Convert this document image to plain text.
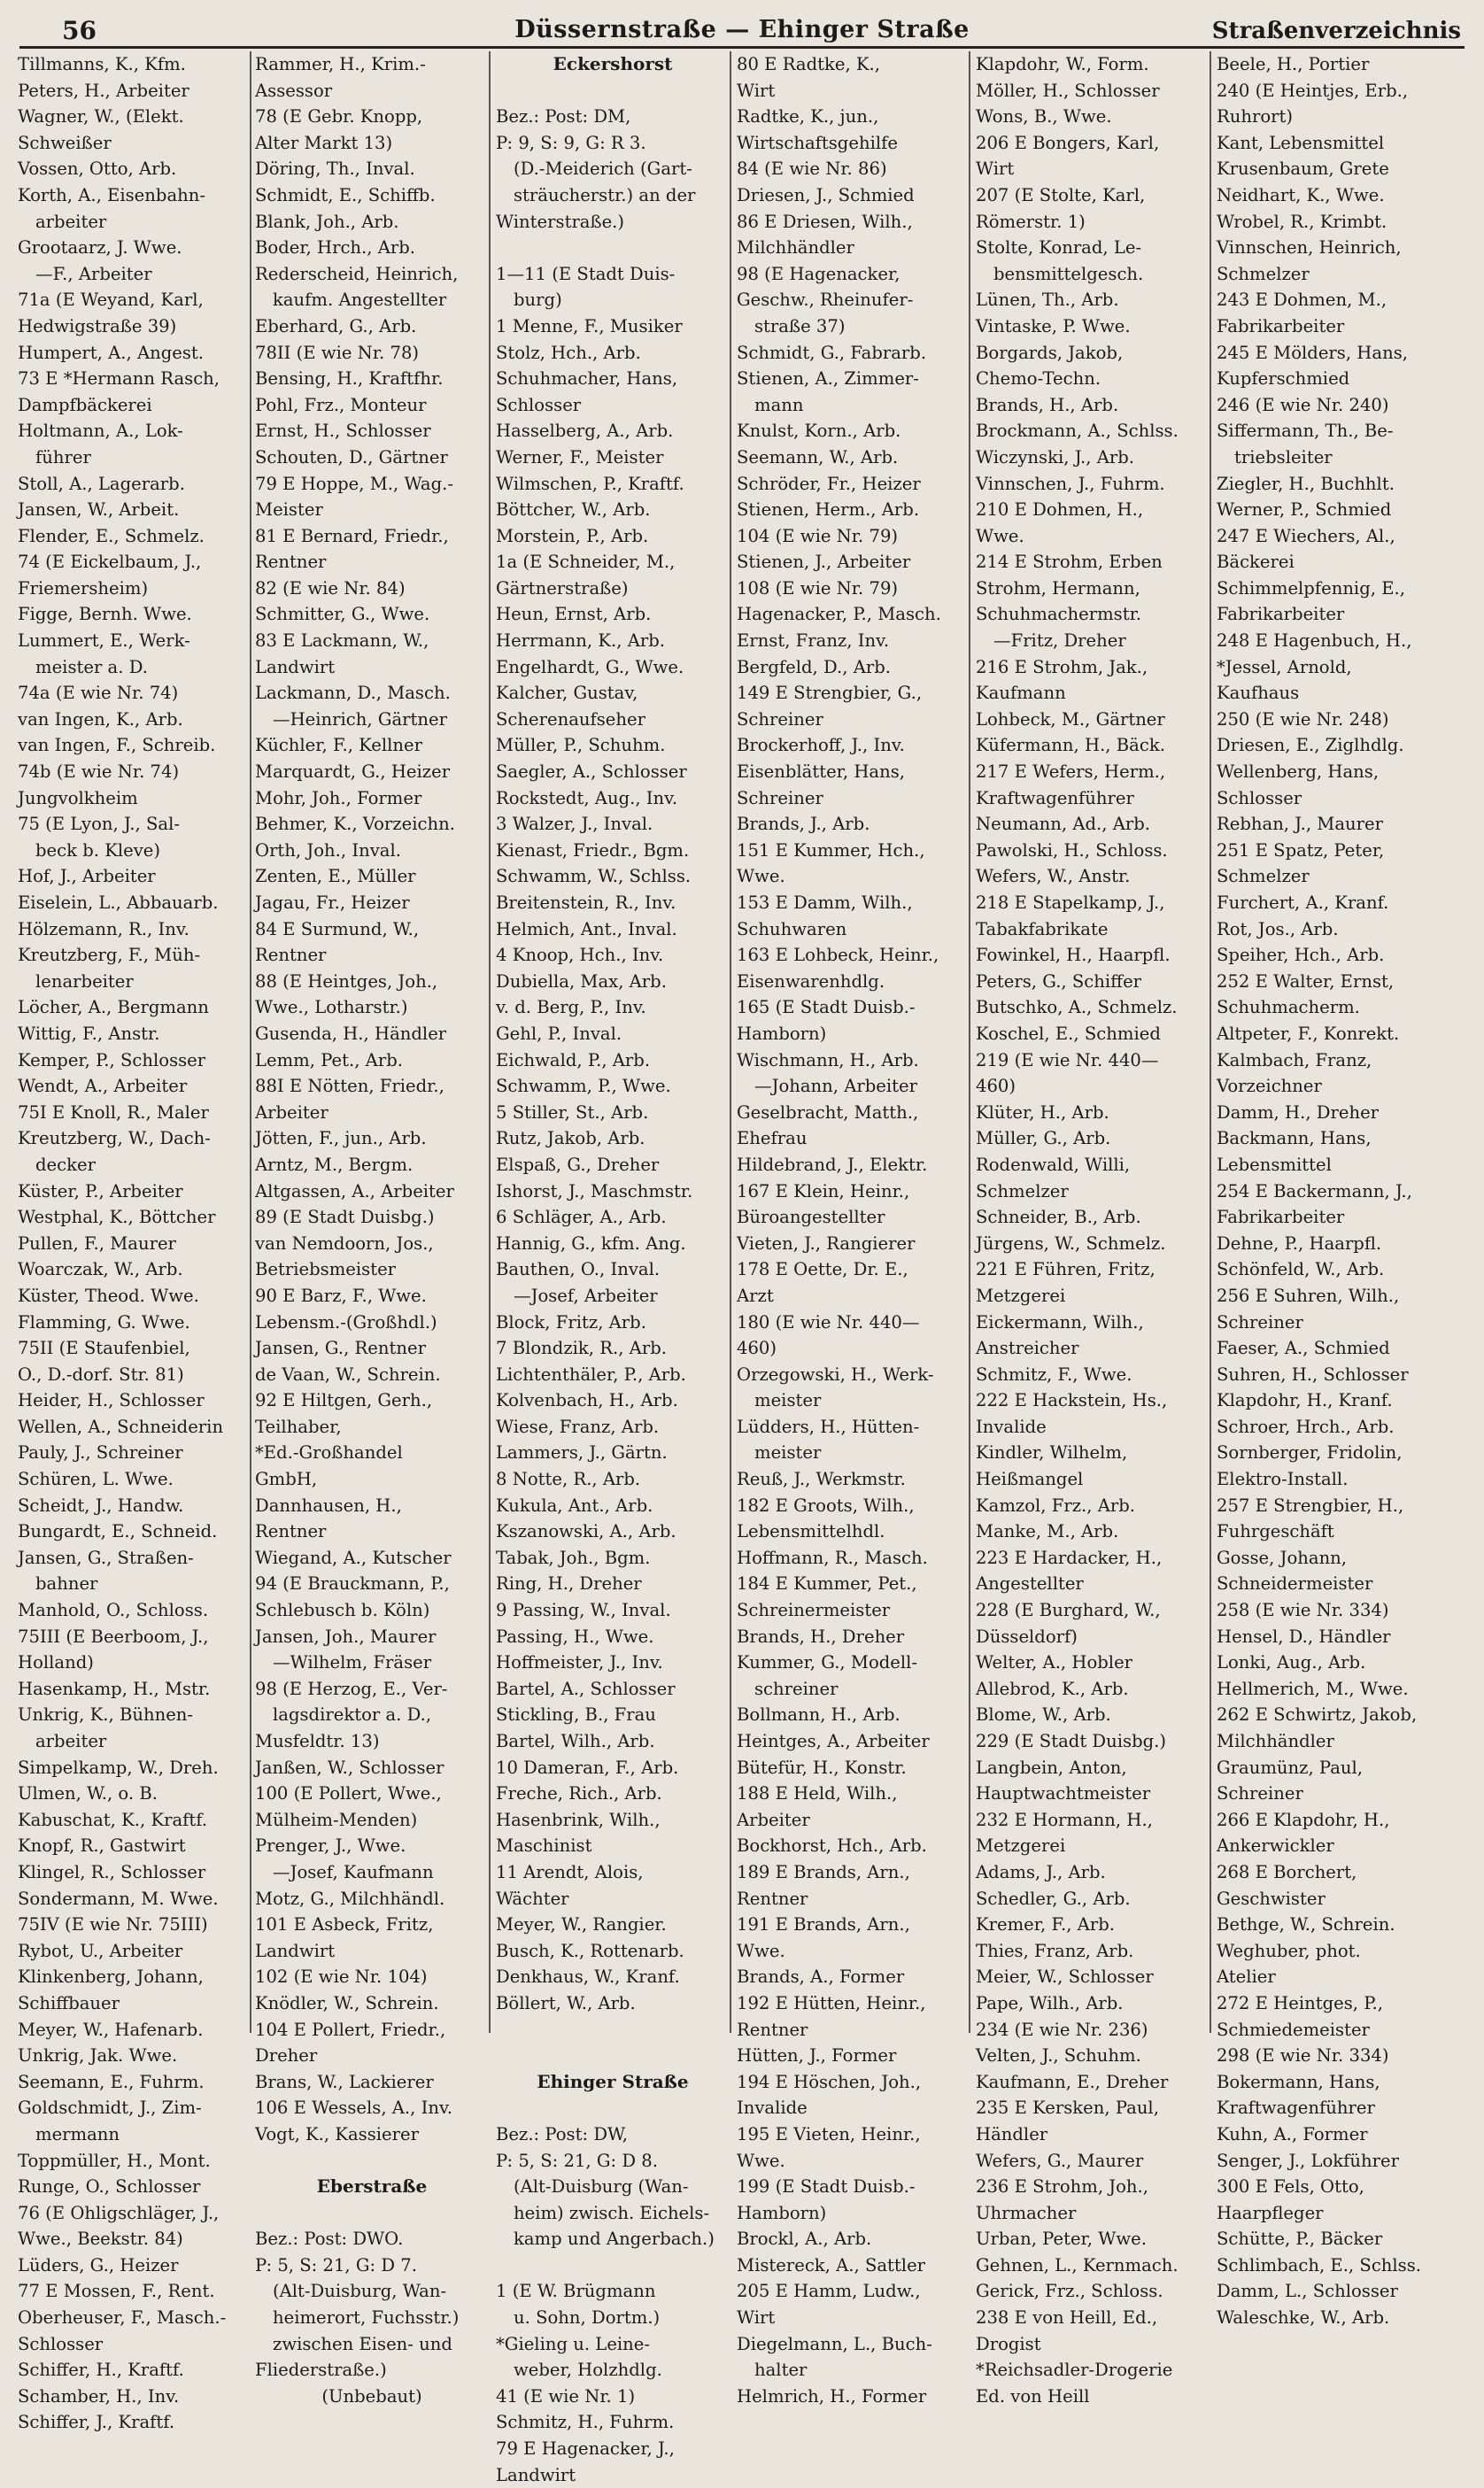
56	Düssernstraße — Ehinger Straße	Straßenverzeichnis
Tillmanns, K., Kfm.
Peters, H., Arbeiter
Wagner, W., (Elekt.
Schweißer
Vossen, Otto, Arb.
Korth, A., Eisenbahn-
arbeiter
Grootaarz, J. Wwe.
—F., Arbeiter
71a (E Weyand, Karl,
Hedwigstraße 39)
Humpert, A., Angest.
73 E *Hermann Rasch,
Dampfbäckerei
Holtmann, A., Lok-
führer
Stoll, A., Lagerarb.
Jansen, W., Arbeit.
Flender, E., Schmelz.
74 (E Eickelbaum, J.,
Friemersheim)
Figge, Bernh. Wwe.
Lummert, E., Werk-
meister a. D.
74a (E wie Nr. 74)
van Ingen, K., Arb.
van Ingen, F., Schreib.
74b (E wie Nr. 74)
Jungvolkheim
75 (E Lyon, J., Sal-
beck b. Kleve)
Hof, J., Arbeiter
Eiselein, L., Abbauarb.
Hölzemann, R., Inv.
Kreutzberg, F., Müh-
lenarbeiter
Löcher, A., Bergmann
Wittig, F., Anstr.
Kemper, P., Schlosser
Wendt, A., Arbeiter
75I E Knoll, R., Maler
Kreutzberg, W., Dach-
decker
Küster, P., Arbeiter
Westphal, K., Böttcher
Pullen, F., Maurer
Woarczak, W., Arb.
Küster, Theod. Wwe.
Flamming, G. Wwe.
75II (E Staufenbiel,
O., D.-dorf. Str. 81)
Heider, H., Schlosser
Wellen, A., Schneiderin
Pauly, J., Schreiner
Schüren, L. Wwe.
Scheidt, J., Handw.
Bungardt, E., Schneid.
Jansen, G., Straßen-
bahner
Manhold, O., Schloss.
75III (E Beerboom, J.,
Holland)
Hasenkamp, H., Mstr.
Unkrig, K., Bühnen-
arbeiter
Simpelkamp, W., Dreh.
Ulmen, W., o. B.
Kabuschat, K., Kraftf.
Knopf, R., Gastwirt
Klingel, R., Schlosser
Sondermann, M. Wwe.
75IV (E wie Nr. 75III)
Rybot, U., Arbeiter
Klinkenberg, Johann,
Schiffbauer
Meyer, W., Hafenarb.
Unkrig, Jak. Wwe.
Seemann, E., Fuhrm.
Goldschmidt, J., Zim-
mermann
Toppmüller, H., Mont.
Runge, O., Schlosser
76 (E Ohligschläger, J.,
Wwe., Beekstr. 84)
Lüders, G., Heizer
77 E Mossen, F., Rent.
Oberheuser, F., Masch.-
Schlosser
Schiffer, H., Kraftf.
Schamber, H., Inv.
Schiffer, J., Kraftf.
Rammer, H., Krim.-
Assessor
78 (E Gebr. Knopp,
Alter Markt 13)
Döring, Th., Inval.
Schmidt, E., Schiffb.
Blank, Joh., Arb.
Boder, Hrch., Arb.
Rederscheid, Heinrich,
kaufm. Angestellter
Eberhard, G., Arb.
78II (E wie Nr. 78)
Bensing, H., Kraftfhr.
Pohl, Frz., Monteur
Ernst, H., Schlosser
Schouten, D., Gärtner
79 E Hoppe, M., Wag.-
Meister
81 E Bernard, Friedr.,
Rentner
82 (E wie Nr. 84)
Schmitter, G., Wwe.
83 E Lackmann, W.,
Landwirt
Lackmann, D., Masch.
—Heinrich, Gärtner
Küchler, F., Kellner
Marquardt, G., Heizer
Mohr, Joh., Former
Behmer, K., Vorzeichn.
Orth, Joh., Inval.
Zenten, E., Müller
Jagau, Fr., Heizer
84 E Surmund, W.,
Rentner
88 (E Heintges, Joh.,
Wwe., Lotharstr.)
Gusenda, H., Händler
Lemm, Pet., Arb.
88I E Nötten, Friedr.,
Arbeiter
Jötten, F., jun., Arb.
Arntz, M., Bergm.
Altgassen, A., Arbeiter
89 (E Stadt Duisbg.)
van Nemdoorn, Jos.,
Betriebsmeister
90 E Barz, F., Wwe.
Lebensm.-(Großhdl.)
Jansen, G., Rentner
de Vaan, W., Schrein.
92 E Hiltgen, Gerh.,
Teilhaber,
*Ed.-Großhandel
GmbH,
Dannhausen, H.,
Rentner
Wiegand, A., Kutscher
94 (E Brauckmann, P.,
Schlebusch b. Köln)
Jansen, Joh., Maurer
—Wilhelm, Fräser
98 (E Herzog, E., Ver-
lagsdirektor a. D.,
Musfeldtr. 13)
Janßen, W., Schlosser
100 (E Pollert, Wwe.,
Mülheim-Menden)
Prenger, J., Wwe.
—Josef, Kaufmann
Motz, G., Milchhändl.
101 E Asbeck, Fritz,
Landwirt
102 (E wie Nr. 104)
Knödler, W., Schrein.
104 E Pollert, Friedr.,
Dreher
Brans, W., Lackierer
106 E Wessels, A., Inv.
Vogt, K., Kassierer

Eberstraße

Bez.: Post: DWO.
P: 5, S: 21, G: D 7.
(Alt-Duisburg, Wan-
heimerort, Fuchsstr.)
zwischen Eisen- und
Fliederstraße.)
(Unbebaut)
Eckershorst

Bez.: Post: DM,
P: 9, S: 9, G: R 3.
(D.-Meiderich (Gart-
sträucherstr.) an der
Winterstraße.)

1—11 (E Stadt Duis-
burg)
1 Menne, F., Musiker
Stolz, Hch., Arb.
Schuhmacher, Hans,
Schlosser
Hasselberg, A., Arb.
Werner, F., Meister
Wilmschen, P., Kraftf.
Böttcher, W., Arb.
Morstein, P., Arb.
1a (E Schneider, M.,
Gärtnerstraße)
Heun, Ernst, Arb.
Herrmann, K., Arb.
Engelhardt, G., Wwe.
Kalcher, Gustav,
Scherenaufseher
Müller, P., Schuhm.
Saegler, A., Schlosser
Rockstedt, Aug., Inv.
3 Walzer, J., Inval.
Kienast, Friedr., Bgm.
Schwamm, W., Schlss.
Breitenstein, R., Inv.
Helmich, Ant., Inval.
4 Knoop, Hch., Inv.
Dubiella, Max, Arb.
v. d. Berg, P., Inv.
Gehl, P., Inval.
Eichwald, P., Arb.
Schwamm, P., Wwe.
5 Stiller, St., Arb.
Rutz, Jakob, Arb.
Elspaß, G., Dreher
Ishorst, J., Maschmstr.
6 Schläger, A., Arb.
Hannig, G., kfm. Ang.
Bauthen, O., Inval.
—Josef, Arbeiter
Block, Fritz, Arb.
7 Blondzik, R., Arb.
Lichtenthäler, P., Arb.
Kolvenbach, H., Arb.
Wiese, Franz, Arb.
Lammers, J., Gärtn.
8 Notte, R., Arb.
Kukula, Ant., Arb.
Kszanowski, A., Arb.
Tabak, Joh., Bgm.
Ring, H., Dreher
9 Passing, W., Inval.
Passing, H., Wwe.
Hoffmeister, J., Inv.
Bartel, A., Schlosser
Stickling, B., Frau
Bartel, Wilh., Arb.
10 Dameran, F., Arb.
Freche, Rich., Arb.
Hasenbrink, Wilh.,
Maschinist
11 Arendt, Alois,
Wächter
Meyer, W., Rangier.
Busch, K., Rottenarb.
Denkhaus, W., Kranf.
Böllert, W., Arb.

Ehinger Straße

Bez.: Post: DW,
P: 5, S: 21, G: D 8.
(Alt-Duisburg (Wan-
heim) zwisch. Eichels-
kamp und Angerbach.)

1 (E W. Brügmann
u. Sohn, Dortm.)
*Gieling u. Leine-
weber, Holzhdlg.
41 (E wie Nr. 1)
Schmitz, H., Fuhrm.
79 E Hagenacker, J.,
Landwirt
80 E Radtke, K.,
Wirt
Radtke, K., jun.,
Wirtschaftsgehilfe
84 (E wie Nr. 86)
Driesen, J., Schmied
86 E Driesen, Wilh.,
Milchhändler
98 (E Hagenacker,
Geschw., Rheinufer-
straße 37)
Schmidt, G., Fabrarb.
Stienen, A., Zimmer-
mann
Knulst, Korn., Arb.
Seemann, W., Arb.
Schröder, Fr., Heizer
Stienen, Herm., Arb.
104 (E wie Nr. 79)
Stienen, J., Arbeiter
108 (E wie Nr. 79)
Hagenacker, P., Masch.
Ernst, Franz, Inv.
Bergfeld, D., Arb.
149 E Strengbier, G.,
Schreiner
Brockerhoff, J., Inv.
Eisenblätter, Hans,
Schreiner
Brands, J., Arb.
151 E Kummer, Hch.,
Wwe.
153 E Damm, Wilh.,
Schuhwaren
163 E Lohbeck, Heinr.,
Eisenwarenhdlg.
165 (E Stadt Duisb.-
Hamborn)
Wischmann, H., Arb.
—Johann, Arbeiter
Geselbracht, Matth.,
Ehefrau
Hildebrand, J., Elektr.
167 E Klein, Heinr.,
Büroangestellter
Vieten, J., Rangierer
178 E Oette, Dr. E.,
Arzt
180 (E wie Nr. 440—
460)
Orzegowski, H., Werk-
meister
Lüdders, H., Hütten-
meister
Reuß, J., Werkmstr.
182 E Groots, Wilh.,
Lebensmittelhdl.
Hoffmann, R., Masch.
184 E Kummer, Pet.,
Schreinermeister
Brands, H., Dreher
Kummer, G., Modell-
schreiner
Bollmann, H., Arb.
Heintges, A., Arbeiter
Bütefür, H., Konstr.
188 E Held, Wilh.,
Arbeiter
Bockhorst, Hch., Arb.
189 E Brands, Arn.,
Rentner
191 E Brands, Arn.,
Wwe.
Brands, A., Former
192 E Hütten, Heinr.,
Rentner
Hütten, J., Former
194 E Höschen, Joh.,
Invalide
195 E Vieten, Heinr.,
Wwe.
199 (E Stadt Duisb.-
Hamborn)
Brockl, A., Arb.
Mistereck, A., Sattler
205 E Hamm, Ludw.,
Wirt
Diegelmann, L., Buch-
halter
Helmrich, H., Former
Klapdohr, W., Form.
Möller, H., Schlosser
Wons, B., Wwe.
206 E Bongers, Karl,
Wirt
207 (E Stolte, Karl,
Römerstr. 1)
Stolte, Konrad, Le-
bensmittelgesch.
Lünen, Th., Arb.
Vintaske, P. Wwe.
Borgards, Jakob,
Chemo-Techn.
Brands, H., Arb.
Brockmann, A., Schlss.
Wiczynski, J., Arb.
Vinnschen, J., Fuhrm.
210 E Dohmen, H.,
Wwe.
214 E Strohm, Erben
Strohm, Hermann,
Schuhmachermstr.
—Fritz, Dreher
216 E Strohm, Jak.,
Kaufmann
Lohbeck, M., Gärtner
Küfermann, H., Bäck.
217 E Wefers, Herm.,
Kraftwagenführer
Neumann, Ad., Arb.
Pawolski, H., Schloss.
Wefers, W., Anstr.
218 E Stapelkamp, J.,
Tabakfabrikate
Fowinkel, H., Haarpfl.
Peters, G., Schiffer
Butschko, A., Schmelz.
Koschel, E., Schmied
219 (E wie Nr. 440—
460)
Klüter, H., Arb.
Müller, G., Arb.
Rodenwald, Willi,
Schmelzer
Schneider, B., Arb.
Jürgens, W., Schmelz.
221 E Führen, Fritz,
Metzgerei
Eickermann, Wilh.,
Anstreicher
Schmitz, F., Wwe.
222 E Hackstein, Hs.,
Invalide
Kindler, Wilhelm,
Heißmangel
Kamzol, Frz., Arb.
Manke, M., Arb.
223 E Hardacker, H.,
Angestellter
228 (E Burghard, W.,
Düsseldorf)
Welter, A., Hobler
Allebrod, K., Arb.
Blome, W., Arb.
229 (E Stadt Duisbg.)
Langbein, Anton,
Hauptwachtmeister
232 E Hormann, H.,
Metzgerei
Adams, J., Arb.
Schedler, G., Arb.
Kremer, F., Arb.
Thies, Franz, Arb.
Meier, W., Schlosser
Pape, Wilh., Arb.
234 (E wie Nr. 236)
Velten, J., Schuhm.
Kaufmann, E., Dreher
235 E Kersken, Paul,
Händler
Wefers, G., Maurer
236 E Strohm, Joh.,
Uhrmacher
Urban, Peter, Wwe.
Gehnen, L., Kernmach.
Gerick, Frz., Schloss.
238 E von Heill, Ed.,
Drogist
*Reichsadler-Drogerie
Ed. von Heill
Beele, H., Portier
240 (E Heintjes, Erb.,
Ruhrort)
Kant, Lebensmittel
Krusenbaum, Grete
Neidhart, K., Wwe.
Wrobel, R., Krimbt.
Vinnschen, Heinrich,
Schmelzer
243 E Dohmen, M.,
Fabrikarbeiter
245 E Mölders, Hans,
Kupferschmied
246 (E wie Nr. 240)
Siffermann, Th., Be-
triebsleiter
Ziegler, H., Buchhlt.
Werner, P., Schmied
247 E Wiechers, Al.,
Bäckerei
Schimmelpfennig, E.,
Fabrikarbeiter
248 E Hagenbuch, H.,
*Jessel, Arnold,
Kaufhaus
250 (E wie Nr. 248)
Driesen, E., Ziglhdlg.
Wellenberg, Hans,
Schlosser
Rebhan, J., Maurer
251 E Spatz, Peter,
Schmelzer
Furchert, A., Kranf.
Rot, Jos., Arb.
Speiher, Hch., Arb.
252 E Walter, Ernst,
Schuhmacherm.
Altpeter, F., Konrekt.
Kalmbach, Franz,
Vorzeichner
Damm, H., Dreher
Backmann, Hans,
Lebensmittel
254 E Backermann, J.,
Fabrikarbeiter
Dehne, P., Haarpfl.
Schönfeld, W., Arb.
256 E Suhren, Wilh.,
Schreiner
Faeser, A., Schmied
Suhren, H., Schlosser
Klapdohr, H., Kranf.
Schroer, Hrch., Arb.
Sornberger, Fridolin,
Elektro-Install.
257 E Strengbier, H.,
Fuhrgeschäft
Gosse, Johann,
Schneidermeister
258 (E wie Nr. 334)
Hensel, D., Händler
Lonki, Aug., Arb.
Hellmerich, M., Wwe.
262 E Schwirtz, Jakob,
Milchhändler
Graumünz, Paul,
Schreiner
266 E Klapdohr, H.,
Ankerwickler
268 E Borchert,
Geschwister
Bethge, W., Schrein.
Weghuber, phot.
Atelier
272 E Heintges, P.,
Schmiedemeister
298 (E wie Nr. 334)
Bokermann, Hans,
Kraftwagenführer
Kuhn, A., Former
Senger, J., Lokführer
300 E Fels, Otto,
Haarpfleger
Schütte, P., Bäcker
Schlimbach, E., Schlss.
Damm, L., Schlosser
Waleschke, W., Arb.
